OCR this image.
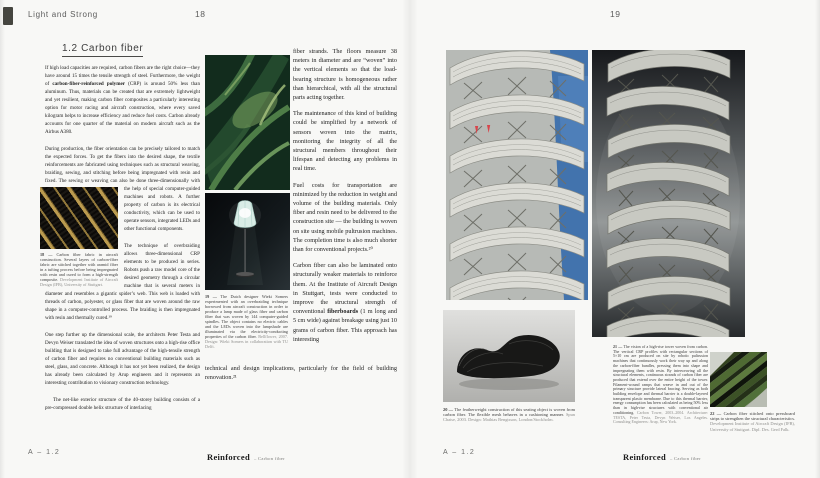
Light and Strong	18
1.2 Carbon fiber

If high load capacities are required, carbon fibers are the right choice—they have around 15 times the tensile strength of steel. Furthermore, the weight of carbon-fiber-reinforced polymer (CRP) is around 50% less than aluminum. Thus, materials can be created that are extremely lightweight and yet resilient, making carbon fiber composites a particularly interesting option for motor racing and aircraft construction, where every saved kilogram helps to increase efficiency and reduce fuel costs. Carbon already accounts for one quarter of the material on modern aircraft such as the Airbus A380.

During production, the fiber orientation can be precisely tailored to match the expected forces. To get the fibers into the desired shape, the textile reinforcements are fabricated using techniques such as structural weaving, braiding, sewing, and stitching before being impregnated with resin and fixed. The sewing or weaving can also be done
18 — Carbon fiber fabric in aircraft construction. Several layers of carbon-fiber fabric are stitched together with aramid fiber in a tufting process before being impregnated with resin and cured to form a high-strength composite. Development Institute of Aircraft Design (IFB), University of Stuttgart.
three-dimensionally with the help of special computer-guided machines and robots. A further property of carbon is its electrical conductivity, which can be used to operate sensors, integrated LEDs and other functional components.

The technique of overbraiding allows three-dimensional CRP elements to be produced in series. Robots push a raw model core of the desired geometry through a circular machine that is several meters in diameter and resembles a gigantic spider’s web. This web is loaded with threads of carbon, polyester, or glass fiber that are woven around the raw shape in a computer-controlled process. The braiding is then impregnated with resin and thermally cured.¹⁹

One step further up the dimensional scale, the architects Peter Testa and Devyn Weiser translated the idea of woven structures onto a high-rise office building that is designed to take full advantage of the high-tensile strength of carbon fiber and requires no conventional building materials such as steel, glass, and concrete. Although it has not yet been realized, the design has already been calculated by Arup engineers and it represents an interesting contribution to visionary construction technology.

The net-like exterior structure of the 40-storey building consists of a pre-compressed double helix structure of interlacing

19 — The Dutch designer Wieki Somers experimented with an overbraiding technique borrowed from aircraft construction in order to produce a lamp made of glass fiber and carbon fiber that was woven by 144 computer-guided spindles. The object contains no electric cables and the LEDs woven into the lampshade are illuminated via the electricity-conducting properties of the carbon fiber. Bellflower, 2007. Design: Wieki Somers in collaboration with TU Delft.

fiber strands. The floors measure 38 meters in diameter and are “woven” into the vertical elements so that the load-bearing structure is homogeneous rather than hierarchical, with all the structural parts acting together.

The maintenance of this kind of building could be simplified by a network of sensors woven into the matrix, monitoring the integrity of all the structural members throughout their lifespan and detecting any problems in real time.

Fuel costs for transportation are minimized by the reduction in weight and volume of the building materials. Only fiber and resin need to be delivered to the construction site — the building is woven on site using mobile pultrusion machines. The completion time is also much shorter than for conventional projects.²⁰

Carbon fiber can also be laminated onto structurally weaker materials to reinforce them. At the Institute of Aircraft Design in Stuttgart, tests were conducted to improve the structural strength of conventional fiberboards (1 m long and 5 cm wide) against breakage using just 10 grams of carbon fiber. This approach has interesting

technical and design implications, particularly for the field of building renovation.²¹
A – 1.2	Reinforced – Carbon fiber
19
20 — The featherweight construction of this seating object is woven from carbon fiber. The flexible mesh behaves in a cushioning manner. Spun Chaise, 2003. Design: Mathias Bengtsson, London/Stockholm.
21 — The vision of a high-rise tower woven from carbon. The vertical CRP profiles with rectangular sections of 5×10 cm are produced on site by robotic pultrusion machines that continuously work their way up and along the carbon-fiber bundles, pressing them into shape and impregnating them with resin. By interweaving all the structural elements, continuous strands of carbon fiber are produced that extend over the entire height of the tower. Filament-wound ramps that weave in and out of the primary structure provide lateral bracing. Serving as both building envelope and thermal barrier is a double-layered transparent plastic membrane. Due to this thermal barrier, energy consumption has been calculated as being 50% less than in high-rise structures with conventional air conditioning. Carbon Tower, 2003–2004. Architecture: TESTA, Peter Testa, Devyn Weiser, Los Angeles. Consulting Engineers: Arup, New York.
22 — Carbon fiber stitched onto pressboard strips to strengthen the structural characteristics. Development Institute of Aircraft Design (IFB), University of Stuttgart. Dipl. Des. Gerd Falk.
A – 1.2	Reinforced – Carbon fiber
